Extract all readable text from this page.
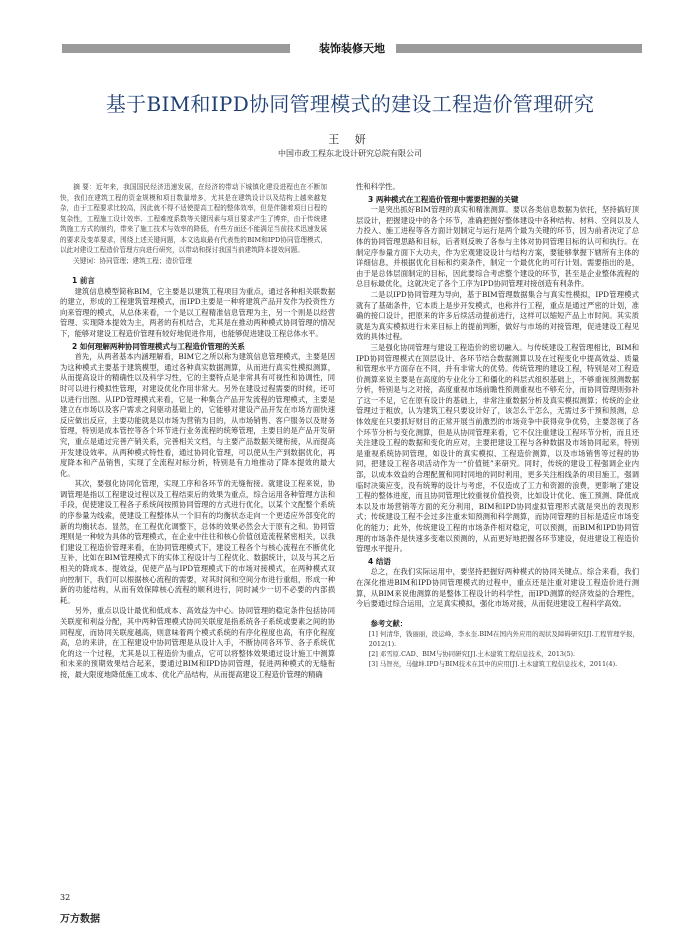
装饰装修天地
基于BIM和IPD协同管理模式的建设工程造价管理研究
王 妍
中国市政工程东北设计研究总院有限公司

摘 要：近年来，我国国民经济迅速发展，在经济的带动下城镇化建设进程也在不断加快，我们在建筑工程的资金规模和项目数量增多，尤其是在建筑设计以及结构上越来越复杂，由于工程要求比较高，因此就不得不适使提高工程的整体效率，但是伴随着项目日程的复杂性，工程施工设计效率、工程难度系数等关键因素与项目要求产生了博弈，由于传统建筑施工方式的制约，带来了施工技术与效率的降低，有些方面还不能满足当前技术迅速发展的要求及变革要求，围绕上述关键问题，本文选取最有代表性的BIM和IPD协同管理模式，以此对建设工程造价管理方向进行研究，以带动和探讨我国当前建筑降本提效问题。

关键词：协同管理；建筑工程；造价管理

1 前言

建筑信息模型简称BIM，它主要是以建筑工程项目为重点，通过各种相关联数据的建立，形成的工程建筑管理模式，而IPD主要是一种将建筑产品开发作为投资性方向来管理的模式，从总体来看，一个是以工程精准信息管理为主，另一个则是以经营管理、实现降本提效为主，两者的有机结合，尤其是在推动两种模式协同管理的情况下，能够对建设工程造价管理有较好地促进作用，也能够促进建设工程总体水平。

2 如何理解两种协同管理模式与工程造价管理的关系

首先，从两者基本内涵理解看，BIM它之所以称为建筑信息管理模式，主要是因为这种模式主要基于建筑模型，通过各种真实数据测算，从而进行真实性模拟测算，从而提高设计的精确性以及科学习性，它的主要特点是非常具有可视性和协调性，同时可以进行模拟性管理，对建设优化作用非常大。另外在建设过程需要的时候，还可以进行出图。从IPD管理模式来看，它是一种集合产品开发流程的管理模式，主要是建立在市场以及客户需求之间驱动基础上的，它能够对建设产品开发在市场方面快速反应做出反应，主要功能就是以市场为营销为目的，从市场销售、客户服务以及财务管理，特别是成本管控等各个环节进行业务流程的统筹管理，主要目的是产品开发研究，重点是通过完善产销关系，完善相关文档，与主要产品数据关键衔接，从而提高开发建设效率。从两种模式特性看，通过协同化管理，可以使从生产到数据优化，再度降本和产品销售，实现了全流程对标分析，特别是有力地推动了降本提效的最大化。

其次，要强化协同化管理，实现工序和各环节的无缝衔接。就建设工程来说，协调管理是指以工程建设过程以及工程结束后的效果为重点，综合运用各种管理方法和手段，促使建设工程各子系统间按照协同管理的方式进行优化，以某个文配整个系统的序参量为线索，使建设工程整体从一个旧有的均衡状态走向一个更适应外部变化的新的均衡状态。显然，在工程优化调整下，总体的效果必然会大于原有之和。协同管理则是一种较为具体的管理模式，在企业中往往和核心价值创造流程紧密相关，以我们建设工程造价管理来看，在协同管理模式下，建设工程各个与核心流程在不断优化互补，比如在BIM管理模式下的实体工程设计与工程优化、数据统计，以及与其之后相关的降成本、提效益，促使产品与IPD管理模式下的市场对接模式，在两种模式双向控制下，我们可以根据核心流程的需要，对其时间和空间分布进行重组，形成一种新的功能结构，从而有效保障核心流程的顺利进行，同时减少一切不必要的内部损耗。

另外，重点以设计最优和低成本、高效益为中心。协同管理的稳定条件包括协同关联度和利益分配，其中两种管理模式协同关联度是指系统各子系统或要素之间的协同程度，而协同关联度越高，则意味着两个模式系统的有序化程度也高，有序化程度高，总的来讲，在工程建设中协同管理是从设计入手，不断协同各环节、各子系统优化的这一个过程，尤其是以工程造价为重点，它可以将整体效果通过设计施工中测算和未来的预期效果结合起来，要通过BIM和IPD协同管理，促进两种模式的无缝衔接，最大限度地降低施工成本、优化产品结构，从而提高建设工程造价管理的精确

性和科学性。

3 两种模式在工程造价管理中需要把握的关键

一是突出抓好BIM管理的真实和精准测算。要以各类信息数据为依托，坚持搞好顶层设计，把握建设中的各个环节，准确把握好整体建设中各种结构、材料、空间以及人力投入、施工进程等各方面计划制定与运行是两个最为关键的环节，因为前者决定了总体的协同管理思路和目标，后者则反映了各参与主体对协同管理目标的认可和执行。在制定序参量方面下大功夫，作为宏观建设设计与结构方案，要能够掌握下辖所有主体的详细信息，并根据优化目标和约束条件，制定一个最优化的可行计划。需要指出的是，由于是总体层面制定的目标，因此要综合考虑整个建设的环节，甚至是企业整体流程的总目标最优化，这就决定了各个工序为IPD协同管理对接创造有利条件。

二是以IPD协同管理为导向，基于BIM管理数据集合与真实性模拟，IPD管理模式就有了基础条件，它本质上是步开发模式，也称并行工程，重点是通过严密的计划，准确的接口设计，把原来的许多后续活动提前进行，这样可以缩短产品上市时间。其实质就是为真实模拟进行未来目标上的提前判断，做好与市场的对接管理，促进建设工程见效的具体过程。

三是强化协同管理与建设工程造价的密切融入。与传统建设工程管理相比，BIM和IPD协同管理模式在顶层设计、各环节结合数据测算以及在过程变化中提高效益、质量和管理水平方面存在不同，并有非常大的优势。传统管理的建设工程，特别是对工程造价测算来说主要是在高度的专业化分工和僵化的科层式组织基础上，不够重视预测数据分析，特别是与之对接，高度重视市场前瞻性预测重视也不够充分，而协同管理则弥补了这一不足，它在原有设计的基础上，非常注重数据分析及真实模拟测算；传统的企业管理过于粗放，认为建筑工程只要设计好了，该怎么干怎么，无需过多干预和预测，总体效度在只要抓好财目的正常开展当前激烈的市场竞争中获得竞争优势，主要忽视了各个环节分析与变化测算，但是从协同管理来看，它不仅注重建设工程环节分析，而且还关注建设工程的数据和变化的应对，主要把建设工程与各种数据及市场协同起来，特别是重视系统协同管理，如设计的真实模拟、工程造价测算，以及市场销售等过程的协同，把建设工程各项活动作为一“价值链”来研究。同时，传统的建设工程强调企业内部，以成本效益的合理配置和同时同地的同时利用，更多关注相线条的项目施工，强调临时决策应变，没有统筹的设计与考虑，不仅造成了工力和资源的浪费，更影响了建设工程的整体进度，而且协同管理比较重视价值投资，比如设计优化、施工预测、降低成本以及市场营销等方面的充分利用，BIM和IPD协同虚拟管理形式就是突出的表现形式；传统建设工程不会过多注重未知预测和科学测算，而协同管理的目标是适应市场变化的能力；此外，传统建设工程的市场条件相对稳定，可以预测，而BIM和IPD协同管理的市场条件是快速多变难以预测的，从而更好地把握各环节建设，促进建设工程造价管理水平提升。

4 结语

总之，在我们实际运用中，要坚持把握好两种模式的协同关键点。综合来看，我们在深化推进BIM和IPD协同管理模式的过程中，重点还是注重对建设工程造价进行测算，从BIM来说他测算的是整体工程设计的科学性，而IPD测算的经济效益的合理性，今后要通过综合运用，立足真实模拟，强化市场对接，从而促进建设工程科学高效。

参考文献：

[1] 何清华，钱丽丽，段运峰，李永奎.BIM在国内外应用的现状及障碍研究[J].工程管理学报，2012(1).

[2] 邓雪原.CAD、BIM与协同研究[J].土木建筑工程信息技术，2013(5).

[3] 马智亮，马健坤.IPD与BIM技术在其中的应用[J].土木建筑工程信息技术，2011(4).

32
万方数据
